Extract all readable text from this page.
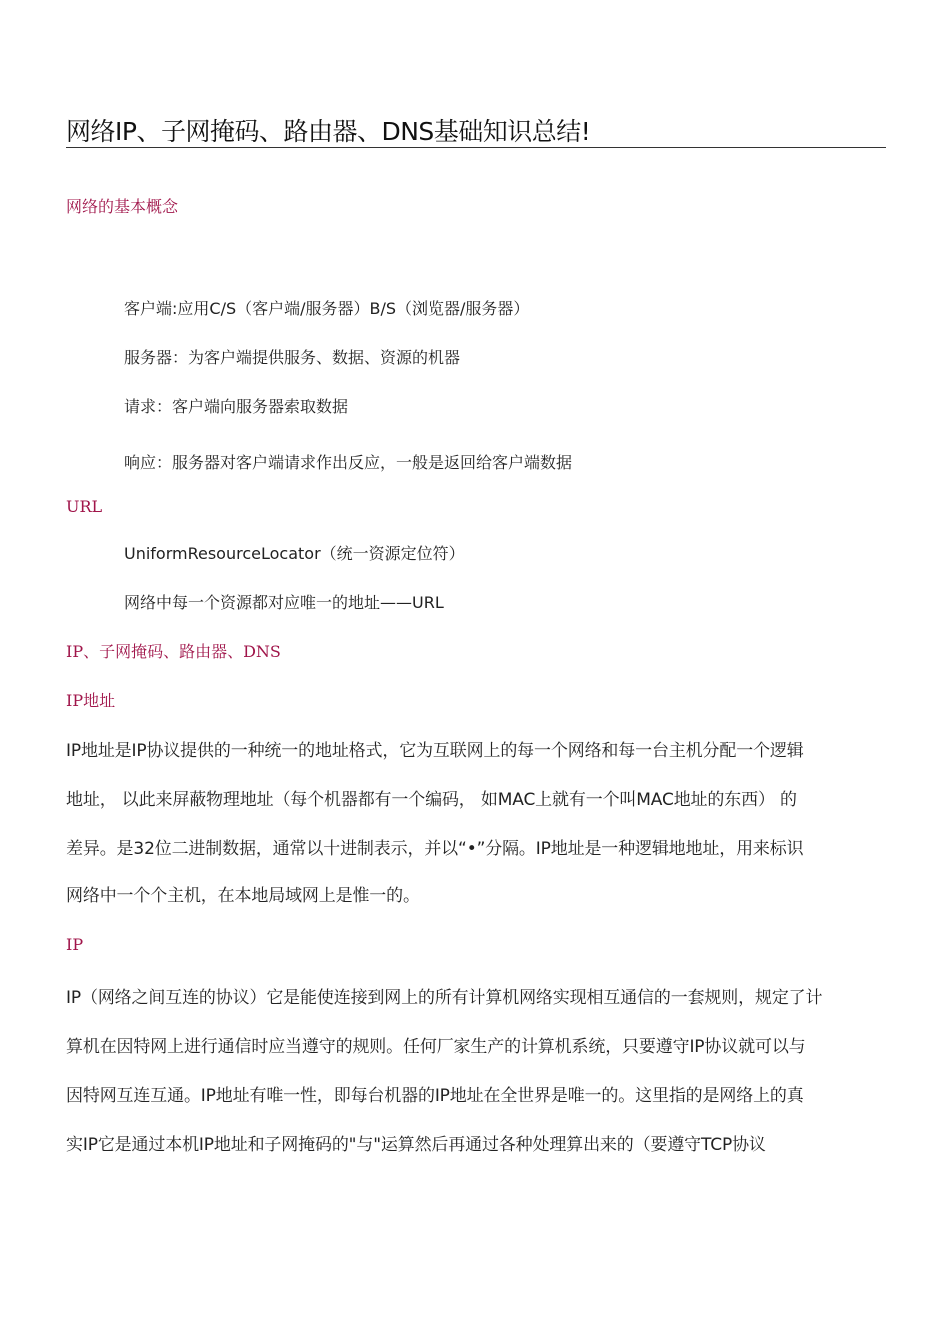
网络IP、子网掩码、路由器、DNS基础知识总结!
网络的基本概念
客户端:应用C/S（客户端/服务器）B/S（浏览器/服务器）
服务器：为客户端提供服务、数据、资源的机器
请求：客户端向服务器索取数据
响应：服务器对客户端请求作出反应，一般是返回给客户端数据
URL
UniformResourceLocator（统一资源定位符）
网络中每一个资源都对应唯一的地址——URL
IP、子网掩码、路由器、DNS
IP地址
IP地址是IP协议提供的一种统一的地址格式，它为互联网上的每一个网络和每一台主机分配一个逻辑
地址， 以此来屏蔽物理地址（每个机器都有一个编码， 如MAC上就有一个叫MAC地址的东西） 的
差异。是32位二进制数据，通常以十进制表示，并以“•”分隔。IP地址是一种逻辑地地址，用来标识
网络中一个个主机，在本地局域网上是惟一的。
IP
IP（网络之间互连的协议）它是能使连接到网上的所有计算机网络实现相互通信的一套规则，规定了计
算机在因特网上进行通信时应当遵守的规则。任何厂家生产的计算机系统，只要遵守IP协议就可以与
因特网互连互通。IP地址有唯一性，即每台机器的IP地址在全世界是唯一的。这里指的是网络上的真
实IP它是通过本机IP地址和子网掩码的"与"运算然后再通过各种处理算出来的（要遵守TCP协议
